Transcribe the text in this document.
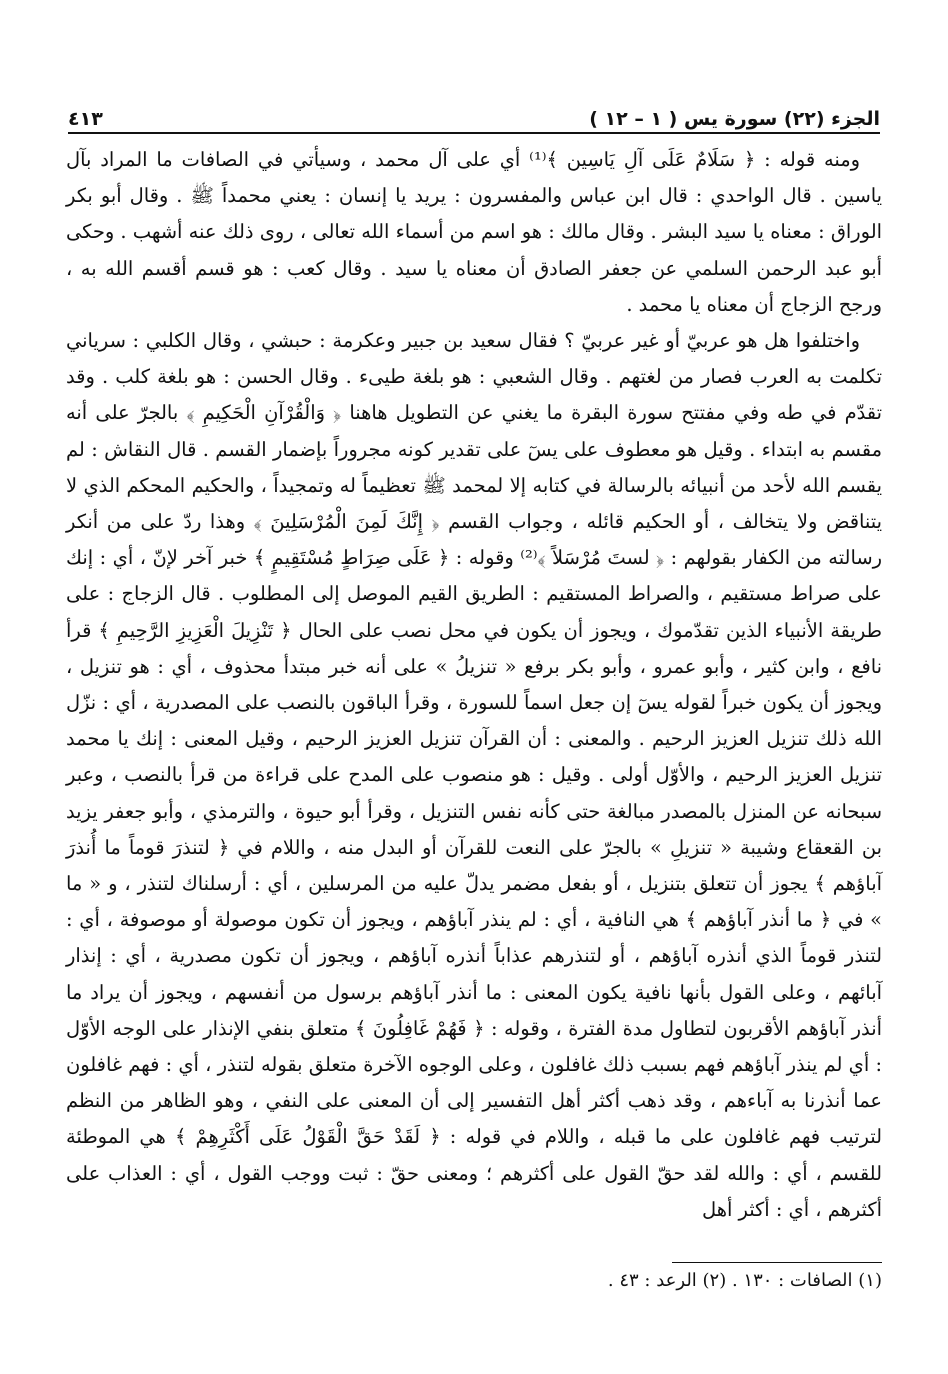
الجزء (٢٢) سورة يس ( ١ – ١٢ )
٤١٣

ومنه قوله : ﴿ سَلَامٌ عَلَى آلِ يَاسِين ﴾⁽¹⁾ أي على آل محمد ، وسيأتي في الصافات ما المراد بآل ياسين . قال الواحدي : قال ابن عباس والمفسرون : يريد يا إنسان : يعني محمداً ﷺ . وقال أبو بكر الوراق : معناه يا سيد البشر . وقال مالك : هو اسم من أسماء الله تعالى ، روى ذلك عنه أشهب . وحكى أبو عبد الرحمن السلمي عن جعفر الصادق أن معناه يا سيد . وقال كعب : هو قسم أقسم الله به ، ورجح الزجاج أن معناه يا محمد .

واختلفوا هل هو عربيّ أو غير عربيّ ؟ فقال سعيد بن جبير وعكرمة : حبشي ، وقال الكلبي : سرياني تكلمت به العرب فصار من لغتهم . وقال الشعبي : هو بلغة طيىء . وقال الحسن : هو بلغة كلب . وقد تقدّم في طه وفي مفتتح سورة البقرة ما يغني عن التطويل هاهنا ﴿ وَالْقُرْآنِ الْحَكِيمِ ﴾ بالجرّ على أنه مقسم به ابتداء . وقيل هو معطوف على يسٓ على تقدير كونه مجروراً بإضمار القسم . قال النقاش : لم يقسم الله لأحد من أنبيائه بالرسالة في كتابه إلا لمحمد ﷺ تعظيماً له وتمجيداً ، والحكيم المحكم الذي لا يتناقض ولا يتخالف ، أو الحكيم قائله ، وجواب القسم ﴿ إِنَّكَ لَمِنَ الْمُرْسَلِينَ ﴾ وهذا ردّ على من أنكر رسالته من الكفار بقولهم : ﴿ لستَ مُرْسَلاً ﴾⁽²⁾ وقوله : ﴿ عَلَى صِرَاطٍ مُسْتَقِيمٍ ﴾ خبر آخر لإنّ ، أي : إنك على صراط مستقيم ، والصراط المستقيم : الطريق القيم الموصل إلى المطلوب . قال الزجاج : على طريقة الأنبياء الذين تقدّموك ، ويجوز أن يكون في محل نصب على الحال ﴿ تَنْزِيلَ الْعَزِيزِ الرَّحِيمِ ﴾ قرأ نافع ، وابن كثير ، وأبو عمرو ، وأبو بكر برفع « تنزيلُ » على أنه خبر مبتدأ محذوف ، أي : هو تنزيل ، ويجوز أن يكون خبراً لقوله يسٓ إن جعل اسماً للسورة ، وقرأ الباقون بالنصب على المصدرية ، أي : نزّل الله ذلك تنزيل العزيز الرحيم . والمعنى : أن القرآن تنزيل العزيز الرحيم ، وقيل المعنى : إنك يا محمد تنزيل العزيز الرحيم ، والأوّل أولى . وقيل : هو منصوب على المدح على قراءة من قرأ بالنصب ، وعبر سبحانه عن المنزل بالمصدر مبالغة حتى كأنه نفس التنزيل ، وقرأ أبو حيوة ، والترمذي ، وأبو جعفر يزيد بن القعقاع وشيبة « تنزيلِ » بالجرّ على النعت للقرآن أو البدل منه ، واللام في ﴿ لتنذرَ قوماً ما أُنذرَ آباؤهم ﴾ يجوز أن تتعلق بتنزيل ، أو بفعل مضمر يدلّ عليه من المرسلين ، أي : أرسلناك لتنذر ، و « ما » في ﴿ ما أنذر آباؤهم ﴾ هي النافية ، أي : لم ينذر آباؤهم ، ويجوز أن تكون موصولة أو موصوفة ، أي : لتنذر قوماً الذي أنذره آباؤهم ، أو لتنذرهم عذاباً أنذره آباؤهم ، ويجوز أن تكون مصدرية ، أي : إنذار آبائهم ، وعلى القول بأنها نافية يكون المعنى : ما أنذر آباؤهم برسول من أنفسهم ، ويجوز أن يراد ما أنذر آباؤهم الأقربون لتطاول مدة الفترة ، وقوله : ﴿ فَهُمْ غَافِلُونَ ﴾ متعلق بنفي الإنذار على الوجه الأوّل : أي لم ينذر آباؤهم فهم بسبب ذلك غافلون ، وعلى الوجوه الآخرة متعلق بقوله لتنذر ، أي : فهم غافلون عما أنذرنا به آباءهم ، وقد ذهب أكثر أهل التفسير إلى أن المعنى على النفي ، وهو الظاهر من النظم لترتيب فهم غافلون على ما قبله ، واللام في قوله : ﴿ لَقَدْ حَقَّ الْقَوْلُ عَلَى أَكْثَرِهِمْ ﴾ هي الموطئة للقسم ، أي : والله لقد حقّ القول على أكثرهم ؛ ومعنى حقّ : ثبت ووجب القول ، أي : العذاب على أكثرهم ، أي : أكثر أهل

(١) الصافات : ١٣٠ . (٢) الرعد : ٤٣ .
